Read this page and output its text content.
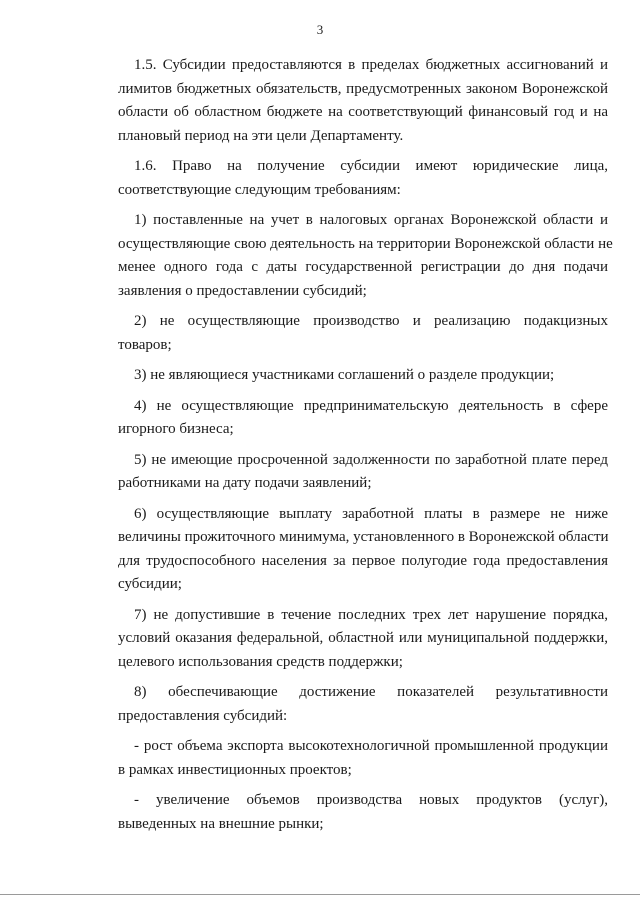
3
1.5. Субсидии предоставляются в пределах бюджетных ассигнований и
лимитов бюджетных обязательств, предусмотренных законом Воронежской
области об областном бюджете на соответствующий финансовый год и на
плановый период на эти цели Департаменту.
1.6. Право на получение субсидии имеют юридические лица,
соответствующие следующим требованиям:
1) поставленные на учет в налоговых органах Воронежской области и
осуществляющие свою деятельность на территории Воронежской области не
менее одного года с даты государственной регистрации до дня подачи
заявления о предоставлении субсидий;
2) не осуществляющие производство и реализацию подакцизных
товаров;
3) не являющиеся участниками соглашений о разделе продукции;
4) не осуществляющие предпринимательскую деятельность в сфере
игорного бизнеса;
5) не имеющие просроченной задолженности по заработной плате перед
работниками на дату подачи заявлений;
6) осуществляющие выплату заработной платы в размере не ниже
величины прожиточного минимума, установленного в Воронежской области
для трудоспособного населения за первое полугодие года предоставления
субсидии;
7) не допустившие в течение последних трех лет нарушение порядка,
условий оказания федеральной, областной или муниципальной поддержки,
целевого использования средств поддержки;
8) обеспечивающие достижение показателей результативности
предоставления субсидий:
- рост объема экспорта высокотехнологичной промышленной продукции
в рамках инвестиционных проектов;
- увеличение объемов производства новых продуктов (услуг),
выведенных на внешние рынки;
